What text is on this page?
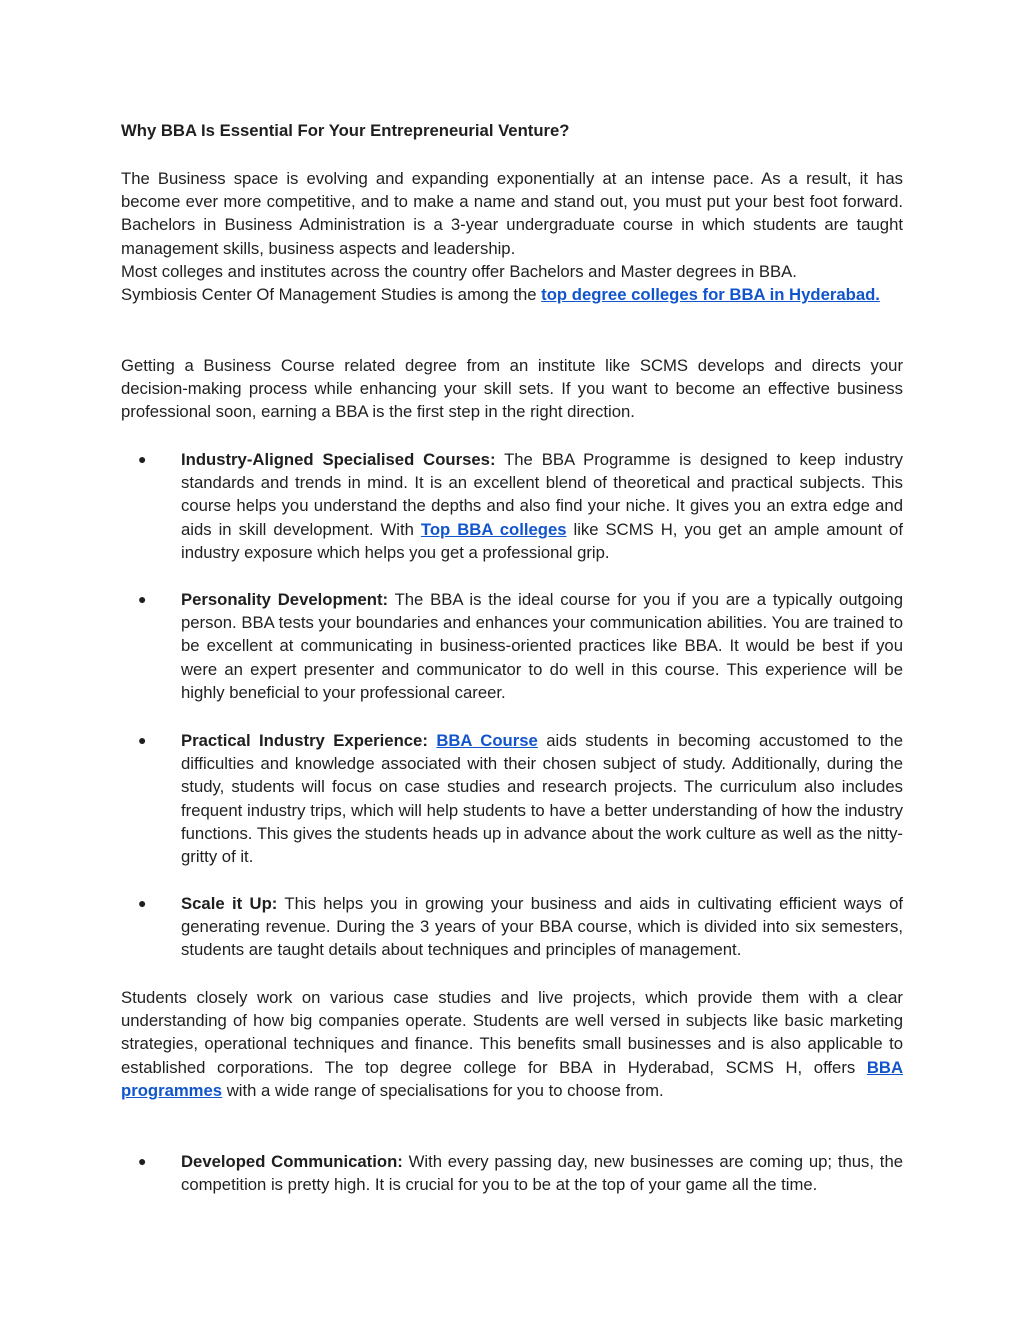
Why BBA Is Essential For Your Entrepreneurial Venture?

The Business space is evolving and expanding exponentially at an intense pace. As a result, it has become ever more competitive, and to make a name and stand out, you must put your best foot forward. Bachelors in Business Administration is a 3-year undergraduate course in which students are taught management skills, business aspects and leadership.

Most colleges and institutes across the country offer Bachelors and Master degrees in BBA.

Symbiosis Center Of Management Studies is among the top degree colleges for BBA in Hyderabad.

Getting a Business Course related degree from an institute like SCMS develops and directs your decision-making process while enhancing your skill sets. If you want to become an effective business professional soon, earning a BBA is the first step in the right direction.

●	Industry-Aligned Specialised Courses: The BBA Programme is designed to keep industry standards and trends in mind. It is an excellent blend of theoretical and practical subjects. This course helps you understand the depths and also find your niche. It gives you an extra edge and aids in skill development. With Top BBA colleges like SCMS H, you get an ample amount of industry exposure which helps you get a professional grip.

●	Personality Development: The BBA is the ideal course for you if you are a typically outgoing person. BBA tests your boundaries and enhances your communication abilities. You are trained to be excellent at communicating in business-oriented practices like BBA. It would be best if you were an expert presenter and communicator to do well in this course. This experience will be highly beneficial to your professional career.

●	Practical Industry Experience: BBA Course aids students in becoming accustomed to the difficulties and knowledge associated with their chosen subject of study. Additionally, during the study, students will focus on case studies and research projects. The curriculum also includes frequent industry trips, which will help students to have a better understanding of how the industry functions. This gives the students heads up in advance about the work culture as well as the nitty-gritty of it.

●	Scale it Up: This helps you in growing your business and aids in cultivating efficient ways of generating revenue. During the 3 years of your BBA course, which is divided into six semesters, students are taught details about techniques and principles of management.

Students closely work on various case studies and live projects, which provide them with a clear understanding of how big companies operate. Students are well versed in subjects like basic marketing strategies, operational techniques and finance. This benefits small businesses and is also applicable to established corporations. The top degree college for BBA in Hyderabad, SCMS H, offers BBA programmes with a wide range of specialisations for you to choose from.

●	Developed Communication: With every passing day, new businesses are coming up; thus, the competition is pretty high. It is crucial for you to be at the top of your game all the time.
